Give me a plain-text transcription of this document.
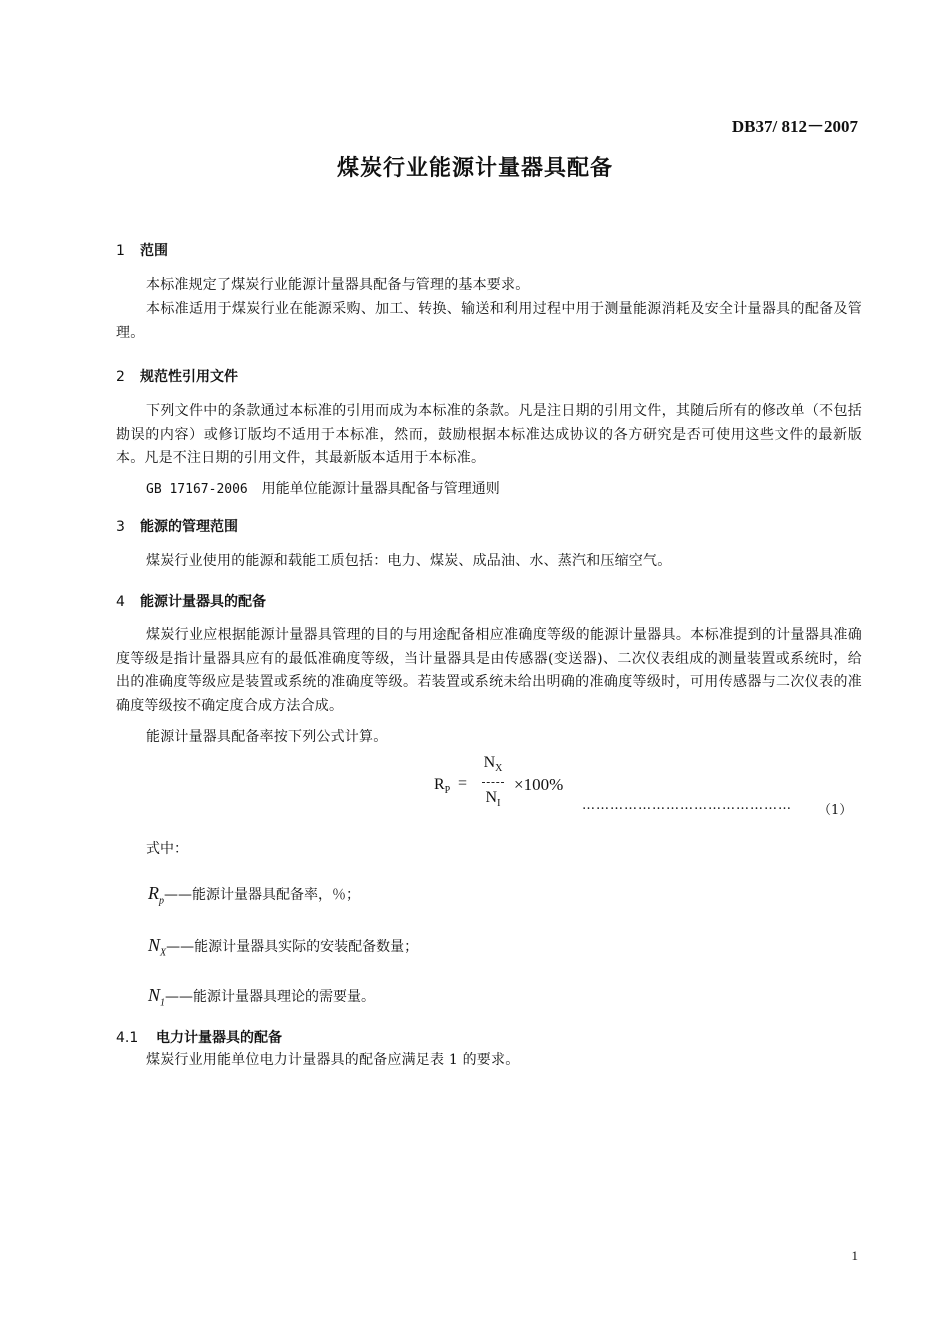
DB37/ 812－2007
煤炭行业能源计量器具配备
1 范围
本标准规定了煤炭行业能源计量器具配备与管理的基本要求。
本标准适用于煤炭行业在能源采购、加工、转换、输送和利用过程中用于测量能源消耗及安全计量器具的配备及管理。
2 规范性引用文件
下列文件中的条款通过本标准的引用而成为本标准的条款。凡是注日期的引用文件，其随后所有的修改单（不包括勘误的内容）或修订版均不适用于本标准，然而，鼓励根据本标准达成协议的各方研究是否可使用这些文件的最新版本。凡是不注日期的引用文件，其最新版本适用于本标准。
GB 17167-2006 用能单位能源计量器具配备与管理通则
3 能源的管理范围
煤炭行业使用的能源和载能工质包括：电力、煤炭、成品油、水、蒸汽和压缩空气。
4 能源计量器具的配备
煤炭行业应根据能源计量器具管理的目的与用途配备相应准确度等级的能源计量器具。本标准提到的计量器具准确度等级是指计量器具应有的最低准确度等级，当计量器具是由传感器(变送器)、二次仪表组成的测量装置或系统时，给出的准确度等级应是装置或系统的准确度等级。若装置或系统未给出明确的准确度等级时，可用传感器与二次仪表的准确度等级按不确定度合成方法合成。
能源计量器具配备率按下列公式计算。
$R_P$ =
$N_X$
$N_I$
×100%
……………………………………… （1）
式中：
$R_p——$能源计量器具配备率，％；
$N_X——$能源计量器具实际的安装配备数量；
$N_1——$能源计量器具理论的需要量。
4.1 电力计量器具的配备
煤炭行业用能单位电力计量器具的配备应满足表 1 的要求。
1
